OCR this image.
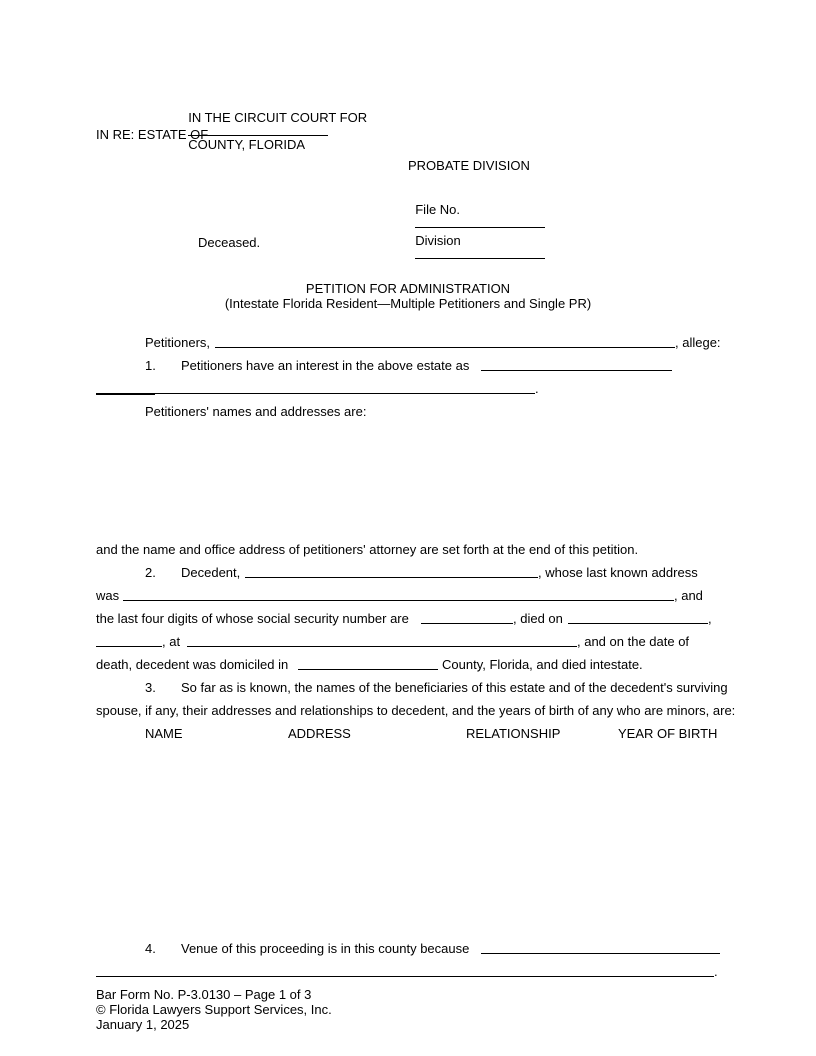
IN THE CIRCUIT COURT FOR

COUNTY, FLORIDA

IN RE: ESTATE OF
PROBATE DIVISION

File No.

Division

Deceased.
PETITION FOR ADMINISTRATION
(Intestate Florida Resident—Multiple Petitioners and Single PR)
Petitioners,	, allege:
1. Petitioners have an interest in the above estate as
.
Petitioners' names and addresses are:
and the name and office address of petitioners' attorney are set forth at the end of this petition.
2. Decedent,	, whose last known address
was	, and
the last four digits of whose social security number are	, died on	,
, at	, and on the date of
death, decedent was domiciled in	County, Florida, and died intestate.
3. So far as is known, the names of the beneficiaries of this estate and of the decedent's surviving
spouse, if any, their addresses and relationships to decedent, and the years of birth of any who are minors, are:
NAME	ADDRESS	RELATIONSHIP	YEAR OF BIRTH
4. Venue of this proceeding is in this county because
.
Bar Form No. P-3.0130 – Page 1 of 3
© Florida Lawyers Support Services, Inc.
January 1, 2025
